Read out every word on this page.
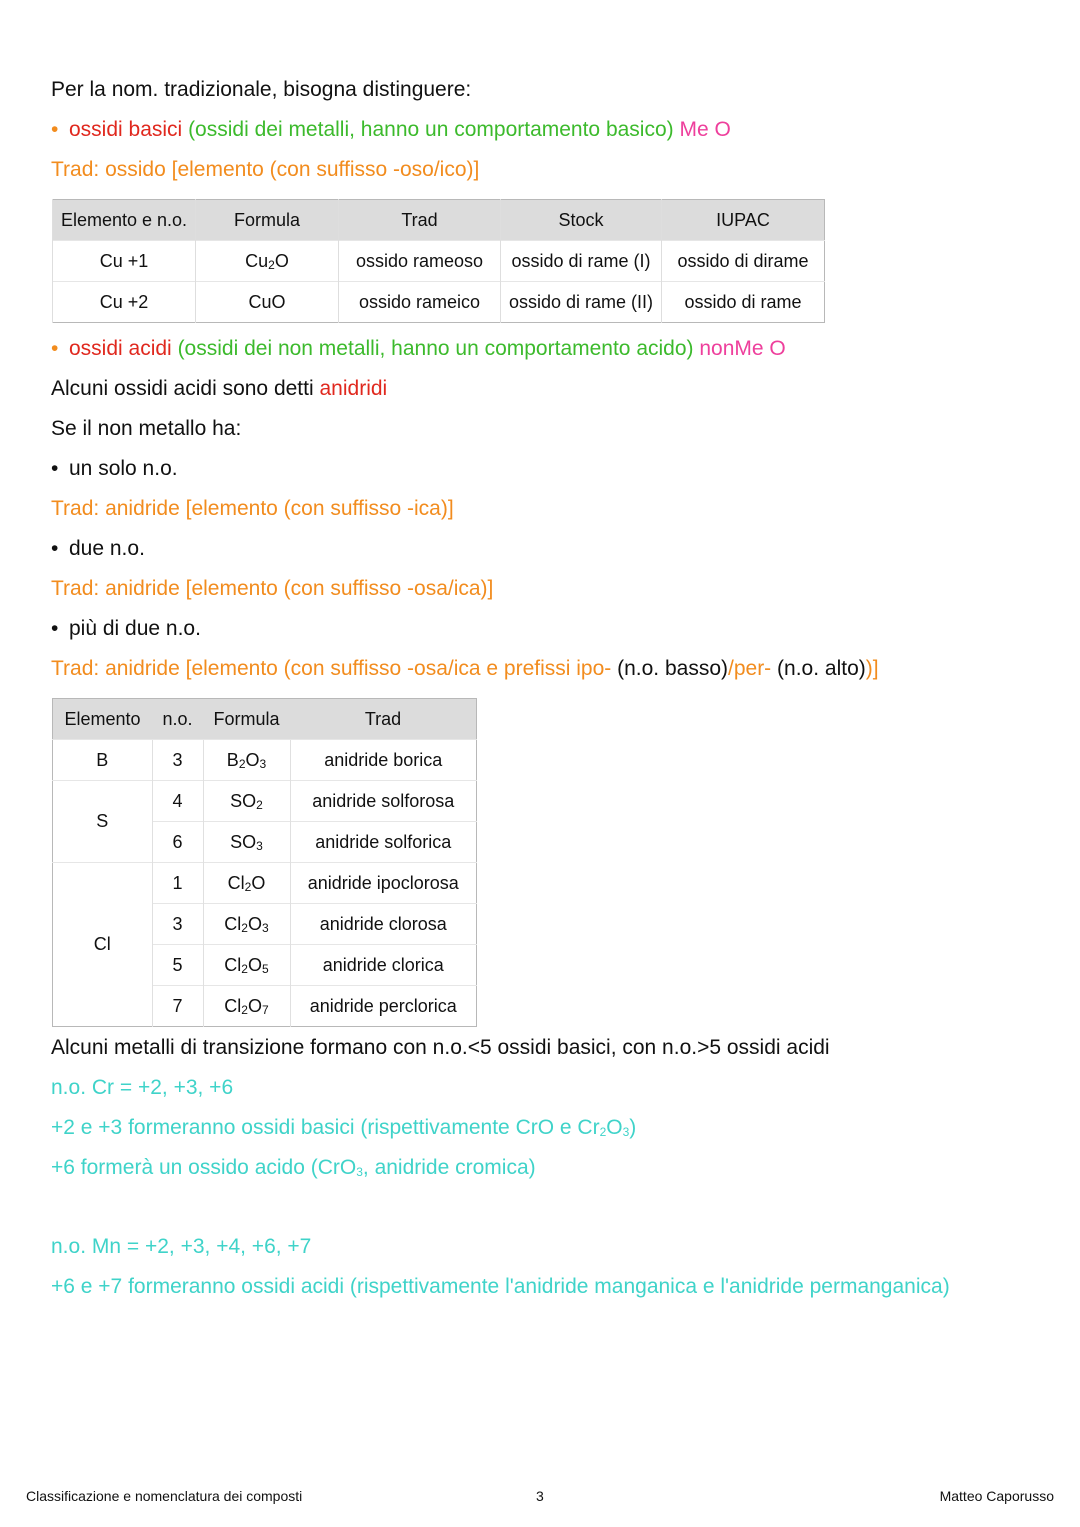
Per la nom. tradizionale, bisogna distinguere:
• ossidi basici (ossidi dei metalli, hanno un comportamento basico) Me O
Trad: ossido [elemento (con suffisso -oso/ico)]
Elemento e n.o.	Formula	Trad	Stock	IUPAC
Cu +1	$Cu_2O$	ossido rameoso	ossido di rame (I)	ossido di dirame
Cu +2	CuO	ossido rameico	ossido di rame (II)	ossido di rame
• ossidi acidi (ossidi dei non metalli, hanno un comportamento acido) nonMe O
Alcuni ossidi acidi sono detti anidridi
Se il non metallo ha:
• un solo n.o.
Trad: anidride [elemento (con suffisso -ica)]
• due n.o.
Trad: anidride [elemento (con suffisso -osa/ica)]
• più di due n.o.
Trad: anidride [elemento (con suffisso -osa/ica e prefissi ipo- (n.o. basso)/per- (n.o. alto))]
Elemento	n.o.	Formula	Trad
B	3	$B_2O_3$	anidride borica
S	4	$SO_2$	anidride solforosa
	6	$SO_3$	anidride solforica
Cl	1	$Cl_2O$	anidride ipoclorosa
	3	$Cl_2O_3$	anidride clorosa
	5	$Cl_2O_5$	anidride clorica
	7	$Cl_2O_7$	anidride perclorica
Alcuni metalli di transizione formano con n.o.<5 ossidi basici, con n.o.>5 ossidi acidi
n.o. Cr = +2, +3, +6
+2 e +3 formeranno ossidi basici (rispettivamente CrO e $Cr_2O_3$)
+6 formerà un ossido acido (CrO$_3$, anidride cromica)
n.o. Mn = +2, +3, +4, +6, +7
+6 e +7 formeranno ossidi acidi (rispettivamente l'anidride manganica e l'anidride permanganica)
Classificazione e nomenclatura dei composti	3	Matteo Caporusso
